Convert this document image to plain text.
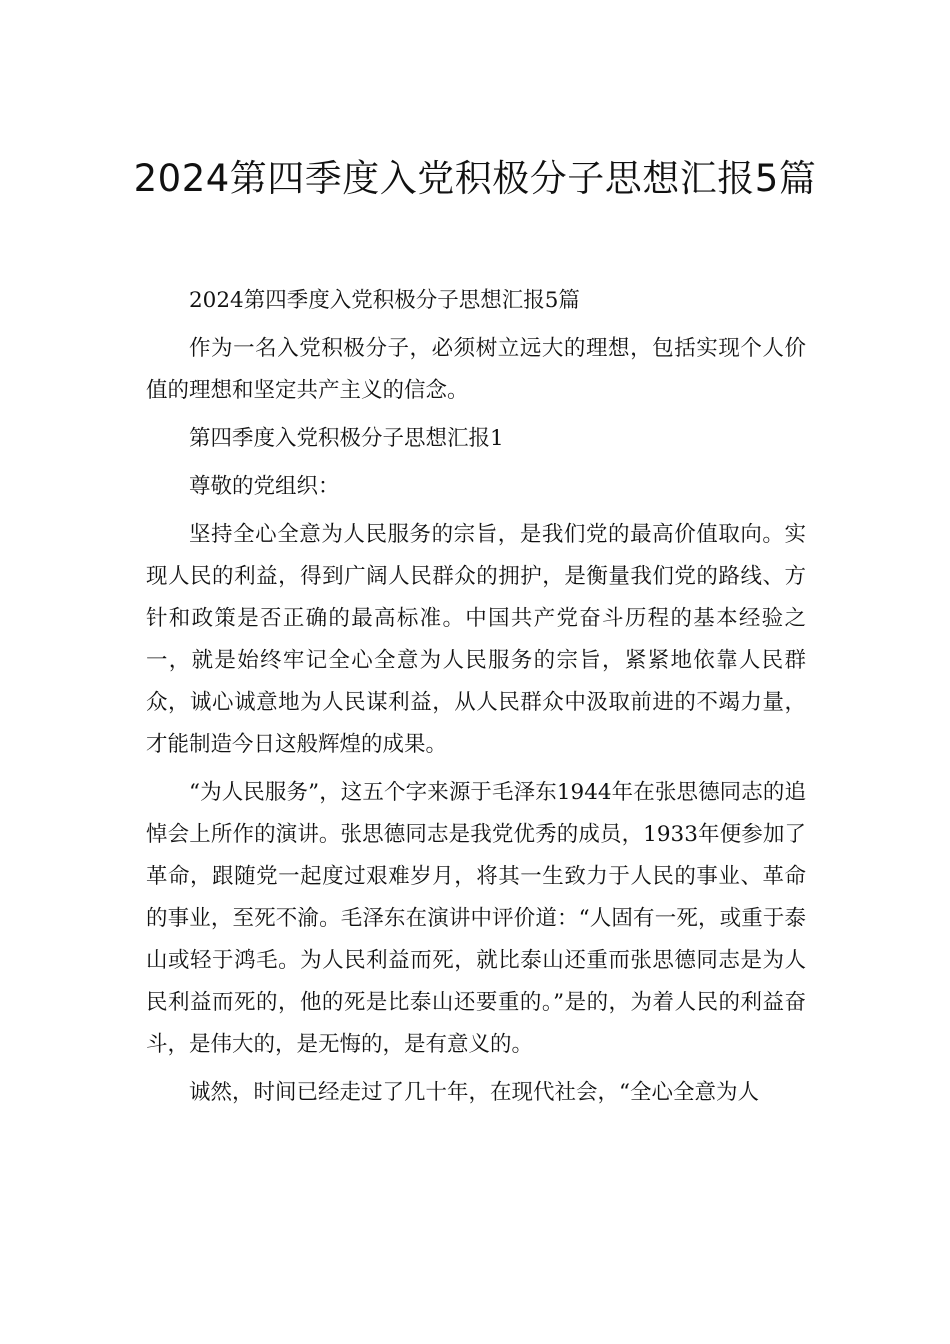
2024第四季度入党积极分子思想汇报5篇

2024第四季度入党积极分子思想汇报5篇

作为一名入党积极分子，必须树立远大的理想，包括实现个人价值的理想和坚定共产主义的信念。

第四季度入党积极分子思想汇报1

尊敬的党组织：

坚持全心全意为人民服务的宗旨，是我们党的最高价值取向。实现人民的利益，得到广阔人民群众的拥护，是衡量我们党的路线、方针和政策是否正确的最高标准。中国共产党奋斗历程的基本经验之一，就是始终牢记全心全意为人民服务的宗旨，紧紧地依靠人民群众，诚心诚意地为人民谋利益，从人民群众中汲取前进的不竭力量，才能制造今日这般辉煌的成果。

“为人民服务”，这五个字来源于毛泽东1944年在张思德同志的追悼会上所作的演讲。张思德同志是我党优秀的成员，1933年便参加了革命，跟随党一起度过艰难岁月，将其一生致力于人民的事业、革命的事业，至死不渝。毛泽东在演讲中评价道：“人固有一死，或重于泰山或轻于鸿毛。为人民利益而死，就比泰山还重而张思德同志是为人民利益而死的，他的死是比泰山还要重的。”是的，为着人民的利益奋斗，是伟大的，是无悔的，是有意义的。

诚然，时间已经走过了几十年，在现代社会，“全心全意为人
